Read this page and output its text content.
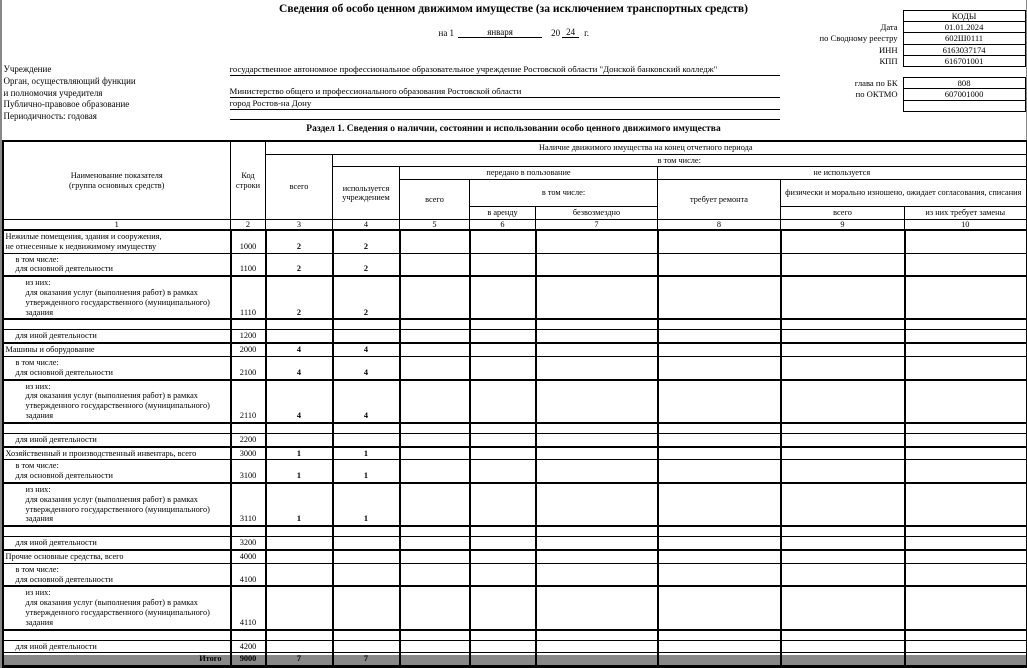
Сведения об особо ценном движимом имуществе (за исключением транспортных средств)
на 1	января	20 24 г.
	КОДЫ
Дата	01.01.2024
по Сводному реестру	602Ш0111
ИНН	6163037174
КПП	616701001

глава по БК	808
по ОКТМО	607001000

Учреждение	государственное автономное профессиональное образовательное учреждение Ростовской области "Донской банковский колледж"
Орган, осуществляющий функции
и полномочия учредителя	Министерство общего и профессионального образования Ростовской области
Публично-правовое образование	город Ростов-на Дону
Периодичность: годовая
Раздел 1. Сведения о наличии, состоянии и использовании особо ценного движимого имущества
Наименование показателя
(группа основных средств)	Код строки	Наличие движимого имущества на конец отчетного периода							
		всего	в том числе:						
			используется учреждением	передано в пользование			не используется		
				всего	в том числе:		требует ремонта	физически и морально изношено, ожидает согласования, списания	
					в аренду	безвозмездно		всего	из них требует замены
1	2	3	4	5	6	7	8	9	10

Нежилые помещения, здания и сооружения,
не отнесенные к недвижимому имуществу	1000	2	2						

в том числе:
для основной деятельности	1100	2	2						

из них:
для оказания услуг (выполнения работ) в рамках
утвержденного государственного (муниципального)
задания	1110	2	2						

для иной деятельности	1200								

Машины и оборудование	2000	4	4						

в том числе:
для основной деятельности	2100	4	4						

из них:
для оказания услуг (выполнения работ) в рамках
утвержденного государственного (муниципального)
задания	2110	4	4						

для иной деятельности	2200								

Хозяйственный и производственный инвентарь, всего	3000	1	1						

в том числе:
для основной деятельности	3100	1	1						

из них:
для оказания услуг (выполнения работ) в рамках
утвержденного государственного (муниципального)
задания	3110	1	1						

для иной деятельности	3200								

Прочие основные средства, всего	4000								

в том числе:
для основной деятельности	4100								

из них:
для оказания услуг (выполнения работ) в рамках
утвержденного государственного (муниципального)
задания	4110								

для иной деятельности	4200								

Итого	9000	7	7						
